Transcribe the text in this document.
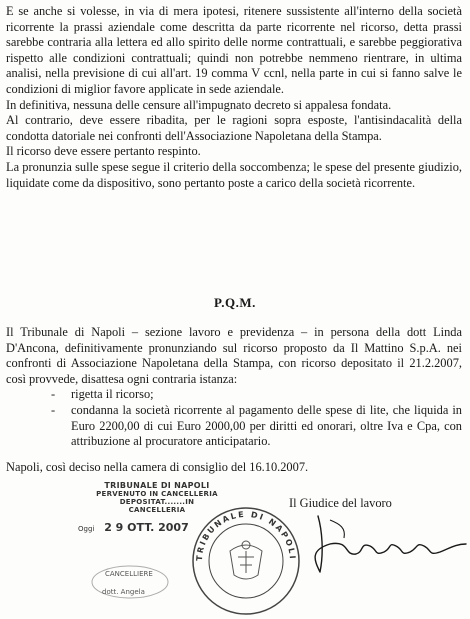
E se anche si volesse, in via di mera ipotesi, ritenere sussistente all'interno della società ricorrente la prassi aziendale come descritta da parte ricorrente nel ricorso, detta prassi sarebbe contraria alla lettera ed allo spirito delle norme contrattuali, e sarebbe peggiorativa rispetto alle condizioni contrattuali; quindi non potrebbe nemmeno rientrare, in ultima analisi, nella previsione di cui all'art. 19 comma V ccnl, nella parte in cui si fanno salve le condizioni di miglior favore applicate in sede aziendale.

In definitiva, nessuna delle censure all'impugnato decreto si appalesa fondata.

Al contrario, deve essere ribadita, per le ragioni sopra esposte, l'antisindacalità della condotta datoriale nei confronti dell'Associazione Napoletana della Stampa.

Il ricorso deve essere pertanto respinto.

La pronunzia sulle spese segue il criterio della soccombenza; le spese del presente giudizio, liquidate come da dispositivo, sono pertanto poste a carico della società ricorrente.

P.Q.M.

Il Tribunale di Napoli – sezione lavoro e previdenza – in persona della dott Linda D'Ancona, definitivamente pronunziando sul ricorso proposto da Il Mattino S.p.A. nei confronti di Associazione Napoletana della Stampa, con ricorso depositato il 21.2.2007, così provvede, disattesa ogni contraria istanza:

- rigetta il ricorso;
- condanna la società ricorrente al pagamento delle spese di lite, che liquida in Euro 2200,00 di cui Euro 2000,00 per diritti ed onorari, oltre Iva e Cpa, con attribuzione al procuratore anticipatario.
Napoli, così deciso nella camera di consiglio del 16.10.2007.
TRIBUNALE DI NAPOLI
PERVENUTO IN CANCELLERIA
DEPOSITAT.......IN CANCELLERIA
Oggi 2 9 OTT. 2007
CANCELLIERE
dott. Angela
TRIBUNALE DI NAPOLI
Il Giudice del lavoro
